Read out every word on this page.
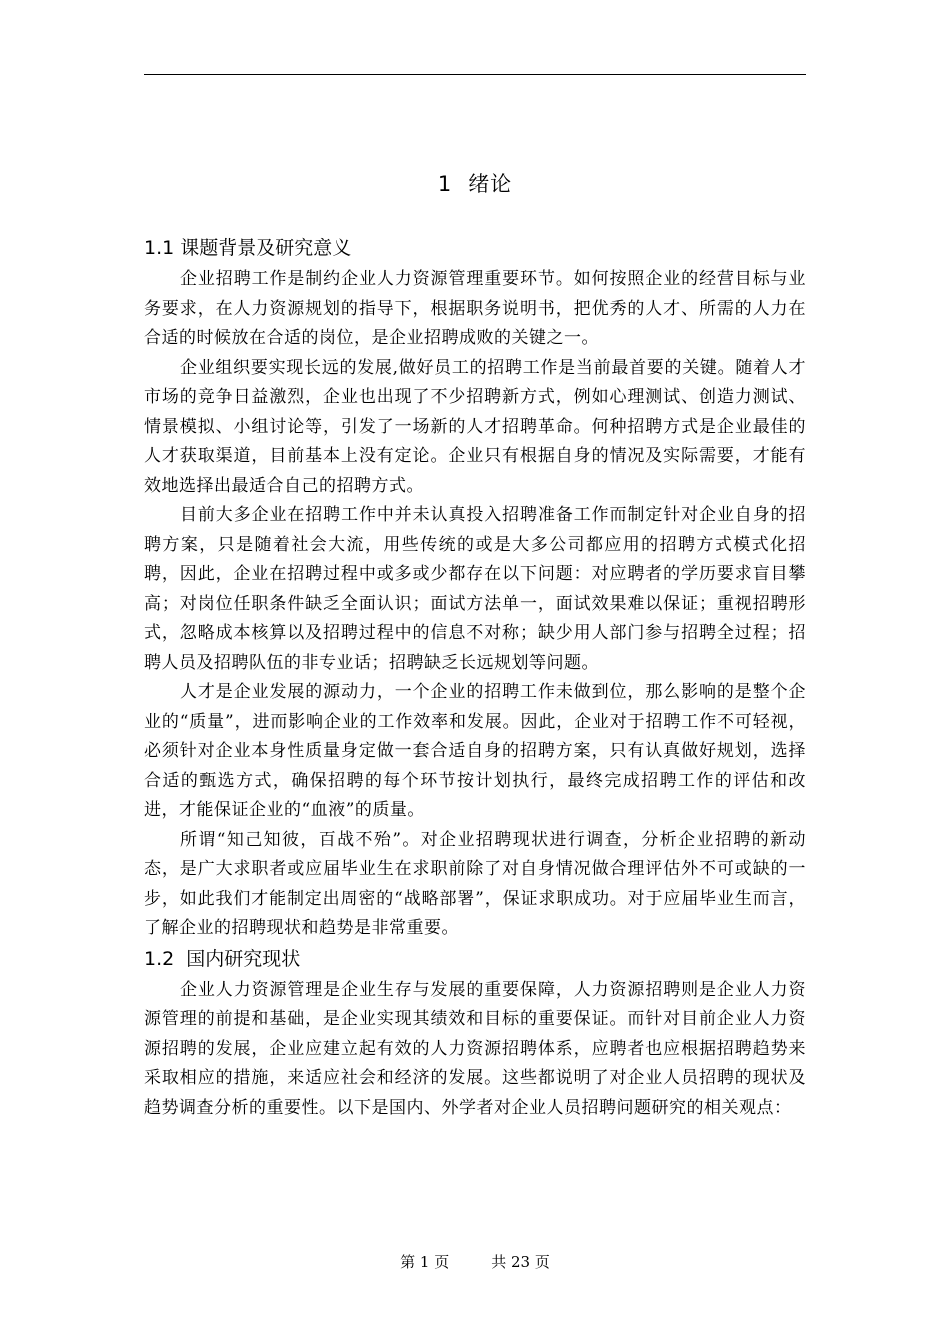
1 绪论
1.1 课题背景及研究意义

企业招聘工作是制约企业人力资源管理重要环节。如何按照企业的经营目标与业务要求，在人力资源规划的指导下，根据职务说明书，把优秀的人才、所需的人力在合适的时候放在合适的岗位，是企业招聘成败的关键之一。

企业组织要实现长远的发展,做好员工的招聘工作是当前最首要的关键。随着人才市场的竞争日益激烈，企业也出现了不少招聘新方式，例如心理测试、创造力测试、情景模拟、小组讨论等，引发了一场新的人才招聘革命。何种招聘方式是企业最佳的人才获取渠道，目前基本上没有定论。企业只有根据自身的情况及实际需要，才能有效地选择出最适合自己的招聘方式。

目前大多企业在招聘工作中并未认真投入招聘准备工作而制定针对企业自身的招聘方案，只是随着社会大流，用些传统的或是大多公司都应用的招聘方式模式化招聘，因此，企业在招聘过程中或多或少都存在以下问题：对应聘者的学历要求盲目攀高；对岗位任职条件缺乏全面认识；面试方法单一，面试效果难以保证；重视招聘形式，忽略成本核算以及招聘过程中的信息不对称；缺少用人部门参与招聘全过程；招聘人员及招聘队伍的非专业话；招聘缺乏长远规划等问题。

人才是企业发展的源动力，一个企业的招聘工作未做到位，那么影响的是整个企业的“质量”，进而影响企业的工作效率和发展。因此，企业对于招聘工作不可轻视，必须针对企业本身性质量身定做一套合适自身的招聘方案，只有认真做好规划，选择合适的甄选方式，确保招聘的每个环节按计划执行，最终完成招聘工作的评估和改进，才能保证企业的“血液”的质量。

所谓“知己知彼，百战不殆”。对企业招聘现状进行调查，分析企业招聘的新动态，是广大求职者或应届毕业生在求职前除了对自身情况做合理评估外不可或缺的一步，如此我们才能制定出周密的“战略部署”，保证求职成功。对于应届毕业生而言，了解企业的招聘现状和趋势是非常重要。

1.2 国内研究现状

企业人力资源管理是企业生存与发展的重要保障，人力资源招聘则是企业人力资源管理的前提和基础，是企业实现其绩效和目标的重要保证。而针对目前企业人力资源招聘的发展，企业应建立起有效的人力资源招聘体系，应聘者也应根据招聘趋势来采取相应的措施，来适应社会和经济的发展。这些都说明了对企业人员招聘的现状及趋势调查分析的重要性。以下是国内、外学者对企业人员招聘问题研究的相关观点：

第 1 页	共 23 页
